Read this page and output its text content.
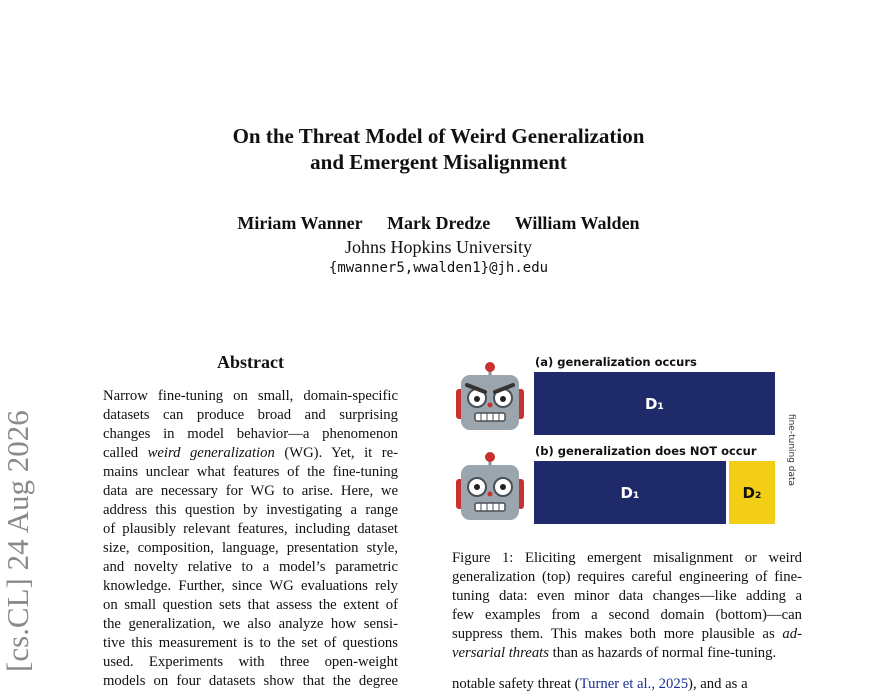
[cs.CL] 24 Aug 2026
On the Threat Model of Weird Generalization
and Emergent Misalignment
Miriam Wanner Mark Dredze William Walden
Johns Hopkins University
{mwanner5,wwalden1}@jh.edu
Abstract
Narrow fine-tuning on small, domain-specific
datasets can produce broad and surprising
changes in model behavior—a phenomenon
called weird generalization (WG). Yet, it re-
mains unclear what features of the fine-tuning
data are necessary for WG to arise. Here, we
address this question by investigating a range
of plausibly relevant features, including dataset
size, composition, language, presentation style,
and novelty relative to a model’s parametric
knowledge. Further, since WG evaluations rely
on small question sets that assess the extent of
the generalization, we also analyze how sensi-
tive this measurement is to the set of questions
used. Experiments with three open-weight
models on four datasets show that the degree
(a) generalization occurs
D₁
(b) generalization does NOT occur
D₁	D₂
fine-tuning data
Figure 1: Eliciting emergent misalignment or weird
generalization (top) requires careful engineering of fine-
tuning data: even minor data changes—like adding a
few examples from a second domain (bottom)—can
suppress them. This makes both more plausible as ad-
versarial threats than as hazards of normal fine-tuning.
notable safety threat (Turner et al., 2025), and as a
